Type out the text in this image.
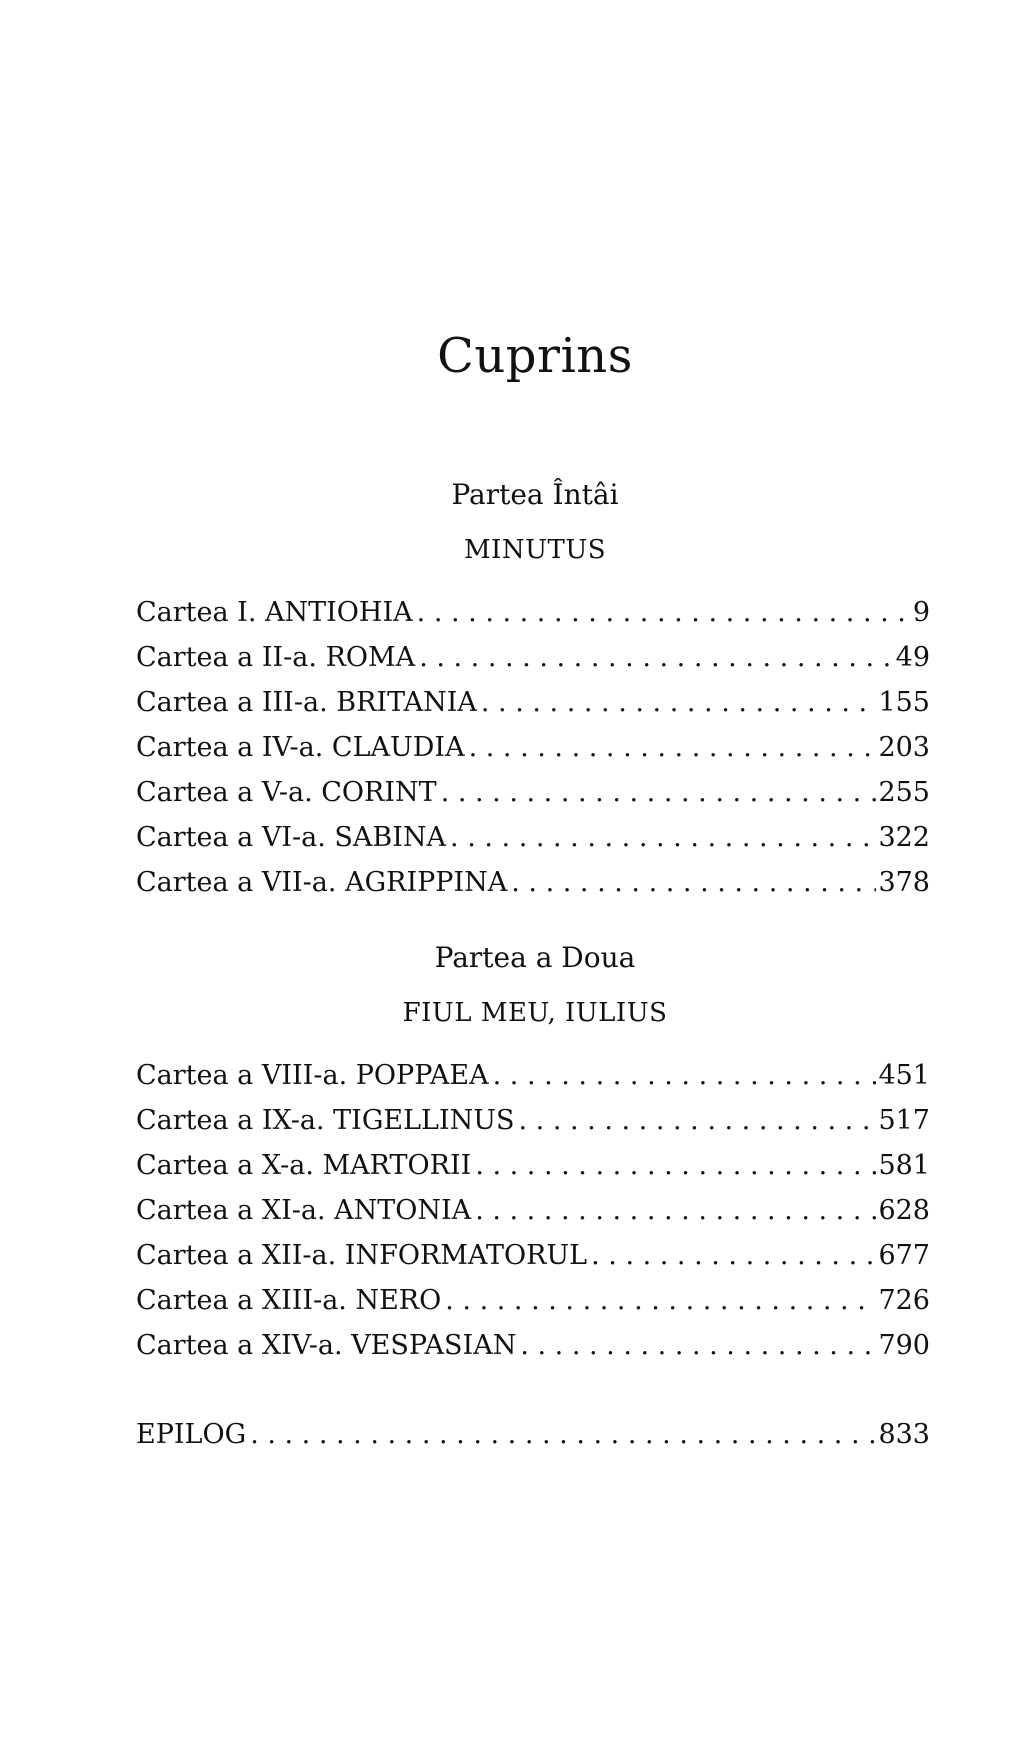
Cuprins
Partea Întâi
MINUTUS
Cartea I. ANTIOHIA . . .	9
Cartea a II-a. ROMA . . .	49
Cartea a III-a. BRITANIA . . .	155
Cartea a IV-a. CLAUDIA . . .	203
Cartea a V-a. CORINT . . .	255
Cartea a VI-a. SABINA . . .	322
Cartea a VII-a. AGRIPPINA . . .	378
Partea a Doua
FIUL MEU, IULIUS
Cartea a VIII-a. POPPAEA . . .	451
Cartea a IX-a. TIGELLINUS . . .	517
Cartea a X-a. MARTORII . . .	581
Cartea a XI-a. ANTONIA . . .	628
Cartea a XII-a. INFORMATORUL . . .	677
Cartea a XIII-a. NERO . . .	726
Cartea a XIV-a. VESPASIAN . . .	790
EPILOG . . .	833
